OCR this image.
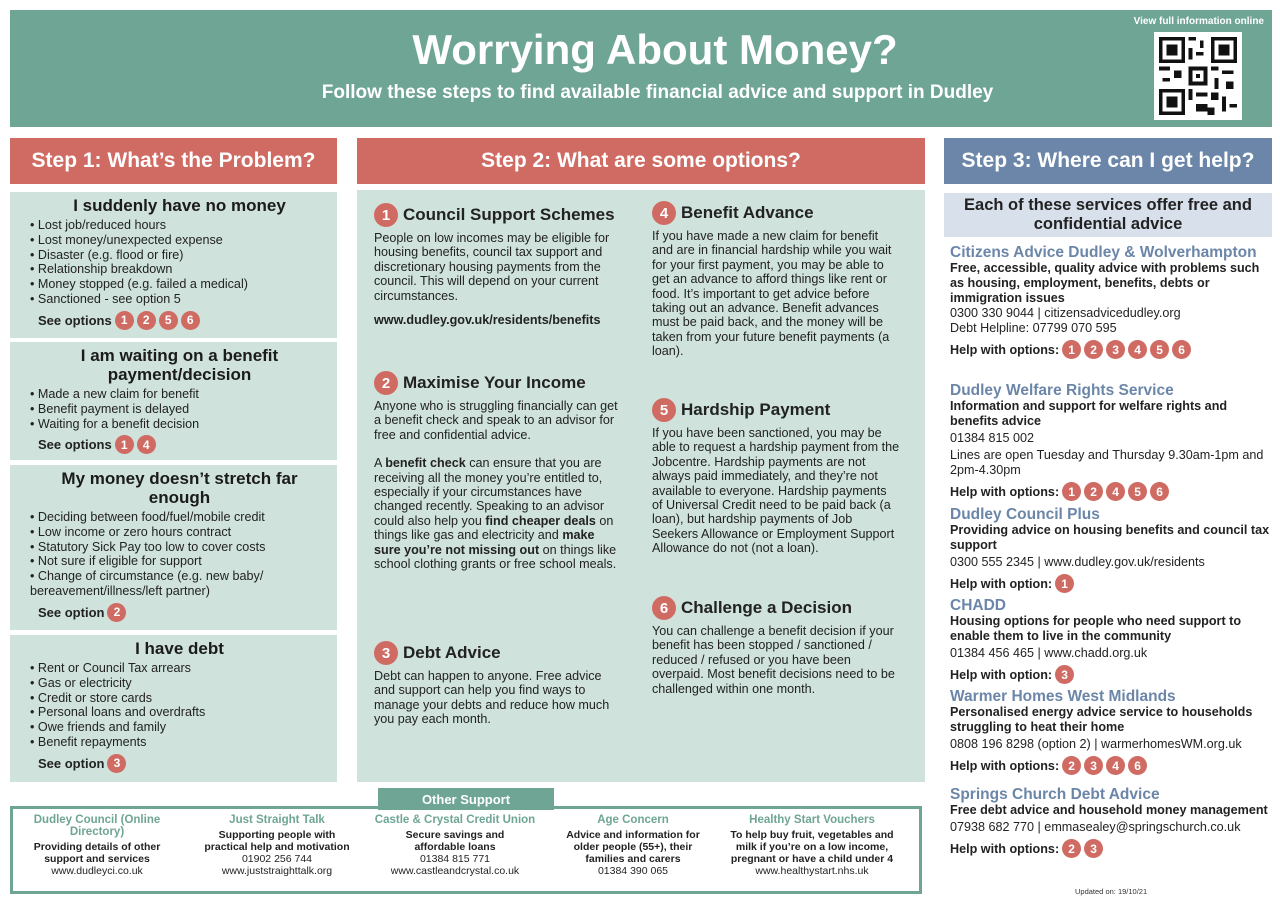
Worrying About Money?
Follow these steps to find available financial advice and support in Dudley
View full information online
Step 1: What’s the Problem?
I suddenly have no money
• Lost job/reduced hours
• Lost money/unexpected expense
• Disaster (e.g. flood or fire)
• Relationship breakdown
• Money stopped (e.g. failed a medical)
• Sanctioned - see option 5
See options 1	2	5	6
I am waiting on a benefit payment/decision
• Made a new claim for benefit
• Benefit payment is delayed
• Waiting for a benefit decision
See options 1	4
My money doesn’t stretch far enough
• Deciding between food/fuel/mobile credit
• Low income or zero hours contract
• Statutory Sick Pay too low to cover costs
• Not sure if eligible for support
• Change of circumstance (e.g. new baby/ bereavement/illness/left partner)
See option 2
I have debt
• Rent or Council Tax arrears
• Gas or electricity
• Credit or store cards
• Personal loans and overdrafts
• Owe friends and family
• Benefit repayments
See option 3
Step 2: What are some options?
1 Council Support Schemes

People on low incomes may be eligible for housing benefits, council tax support and discretionary housing payments from the council. This will depend on your current circumstances.

www.dudley.gov.uk/residents/benefits

2 Maximise Your Income

Anyone who is struggling financially can get a benefit check and speak to an advisor for free and confidential advice.

A benefit check can ensure that you are receiving all the money you’re entitled to, especially if your circumstances have changed recently. Speaking to an advisor could also help you find cheaper deals on things like gas and electricity and make sure you’re not missing out on things like school clothing grants or free school meals.

3 Debt Advice

Debt can happen to anyone. Free advice and support can help you find ways to manage your debts and reduce how much you pay each month.

4 Benefit Advance

If you have made a new claim for benefit and are in financial hardship while you wait for your first payment, you may be able to get an advance to afford things like rent or food. It’s important to get advice before taking out an advance. Benefit advances must be paid back, and the money will be taken from your future benefit payments (a loan).

5 Hardship Payment

If you have been sanctioned, you may be able to request a hardship payment from the Jobcentre. Hardship payments are not always paid immediately, and they’re not available to everyone. Hardship payments of Universal Credit need to be paid back (a loan), but hardship payments of Job Seekers Allowance or Employment Support Allowance do not (not a loan).

6 Challenge a Decision

You can challenge a benefit decision if your benefit has been stopped / sanctioned / reduced / refused or you have been overpaid. Most benefit decisions need to be challenged within one month.

Step 3: Where can I get help?
Each of these services offer free and confidential advice
Citizens Advice Dudley & Wolverhampton
Free, accessible, quality advice with problems such as housing, employment, benefits, debts or immigration issues
0300 330 9044 | citizensadvicedudley.org
Debt Helpline: 07799 070 595
Help with options: 1	2	3	4	5	6
Dudley Welfare Rights Service
Information and support for welfare rights and benefits advice
01384 815 002
Lines are open Tuesday and Thursday 9.30am-1pm and 2pm-4.30pm
Help with options: 1	2	4	5	6
Dudley Council Plus
Providing advice on housing benefits and council tax support
0300 555 2345 | www.dudley.gov.uk/residents
Help with option: 1
CHADD
Housing options for people who need support to enable them to live in the community
01384 456 465 | www.chadd.org.uk
Help with option: 3
Warmer Homes West Midlands
Personalised energy advice service to households struggling to heat their home
0808 196 8298 (option 2) | warmerhomesWM.org.uk
Help with options: 2	3	4	6
Springs Church Debt Advice
Free debt advice and household money management
07938 682 770 | emmasealey@springschurch.co.uk
Help with options: 2	3
Other Support
Dudley Council (Online Directory)
Providing details of other support and services
www.dudleyci.co.uk
Just Straight Talk
Supporting people with practical help and motivation
01902 256 744
www.juststraighttalk.org
Castle & Crystal Credit Union
Secure savings and affordable loans
01384 815 771
www.castleandcrystal.co.uk
Age Concern
Advice and information for older people (55+), their families and carers
01384 390 065
Healthy Start Vouchers
To help buy fruit, vegetables and milk if you’re on a low income, pregnant or have a child under 4
www.healthystart.nhs.uk
Updated on: 19/10/21
